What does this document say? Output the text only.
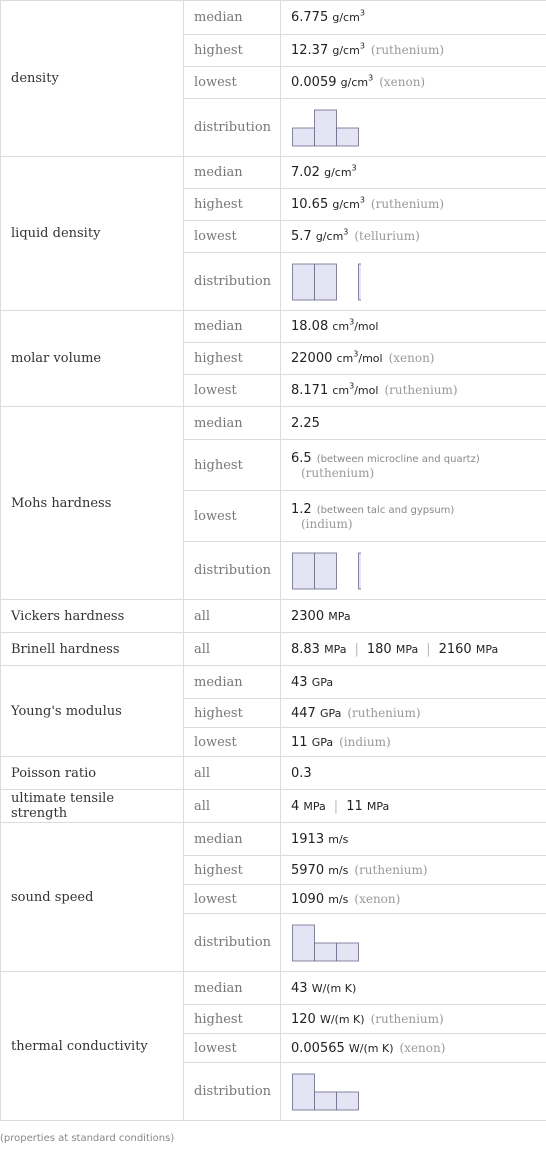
density	median	6.775 $g/cm^3$
	highest	12.37 $g/cm^3$ (ruthenium)
	lowest	0.0059 $g/cm^3$ (xenon)
	distribution	

liquid density	median	7.02 $g/cm^3$
	highest	10.65 $g/cm^3$ (ruthenium)
	lowest	5.7 $g/cm^3$ (tellurium)
	distribution	

molar volume	median	18.08 $cm^3$/mol
	highest	22000 $cm^3$/mol (xenon)
	lowest	8.171 $cm^3$/mol (ruthenium)
Mohs hardness	median	2.25
	highest	6.5 (between microcline and quartz)
(ruthenium)

	lowest	1.2 (between talc and gypsum)
(indium)

	distribution	

Vickers hardness	all	2300 MPa
Brinell hardness	all	8.83 MPa | 180 MPa | 2160 MPa
Young's modulus	median	43 GPa
	highest	447 GPa (ruthenium)
	lowest	11 GPa (indium)
Poisson ratio	all	0.3
ultimate tensile strength	all	4 MPa | 11 MPa
sound speed	median	1913 m/s
	highest	5970 m/s (ruthenium)
	lowest	1090 m/s (xenon)
	distribution	

thermal conductivity	median	43 W/(m K)
	highest	120 W/(m K) (ruthenium)
	lowest	0.00565 W/(m K) (xenon)
	distribution	
(properties at standard conditions)
